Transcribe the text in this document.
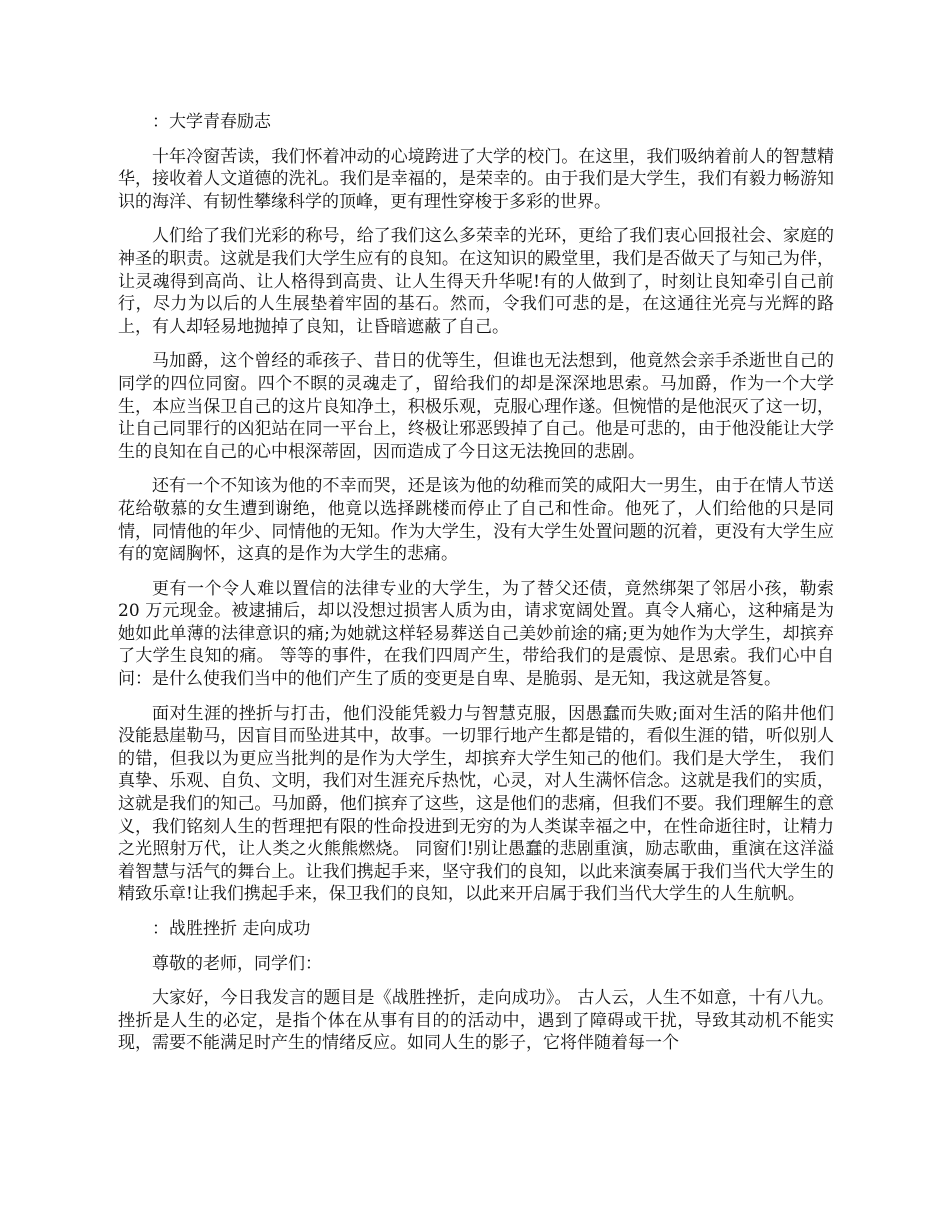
：大学青春励志

十年冷窗苦读，我们怀着冲动的心境跨进了大学的校门。在这里，我们吸纳着前人的智慧精华，接收着人文道德的洗礼。我们是幸福的，是荣幸的。由于我们是大学生，我们有毅力畅游知识的海洋、有韧性攀缘科学的顶峰，更有理性穿梭于多彩的世界。

人们给了我们光彩的称号，给了我们这么多荣幸的光环，更给了我们衷心回报社会、家庭的神圣的职责。这就是我们大学生应有的良知。在这知识的殿堂里，我们是否做天了与知己为伴，让灵魂得到高尚、让人格得到高贵、让人生得天升华呢!有的人做到了，时刻让良知牵引自己前行，尽力为以后的人生展垫着牢固的基石。然而，令我们可悲的是，在这通往光亮与光辉的路上，有人却轻易地抛掉了良知，让昏暗遮蔽了自己。

马加爵，这个曾经的乖孩子、昔日的优等生，但谁也无法想到，他竟然会亲手杀逝世自己的同学的四位同窗。四个不瞑的灵魂走了，留给我们的却是深深地思索。马加爵，作为一个大学生，本应当保卫自己的这片良知净土，积极乐观，克服心理作遂。但惋惜的是他泯灭了这一切，让自己同罪行的凶犯站在同一平台上，终极让邪恶毁掉了自己。他是可悲的，由于他没能让大学生的良知在自己的心中根深蒂固，因而造成了今日这无法挽回的悲剧。

还有一个不知该为他的不幸而哭，还是该为他的幼稚而笑的咸阳大一男生，由于在情人节送花给敬慕的女生遭到谢绝，他竟以选择跳楼而停止了自己和性命。他死了，人们给他的只是同情，同情他的年少、同情他的无知。作为大学生，没有大学生处置问题的沉着，更没有大学生应有的宽阔胸怀，这真的是作为大学生的悲痛。

更有一个令人难以置信的法律专业的大学生，为了替父还债，竟然绑架了邻居小孩，勒索 20 万元现金。被逮捕后，却以没想过损害人质为由，请求宽阔处置。真令人痛心，这种痛是为她如此单薄的法律意识的痛;为她就这样轻易葬送自己美妙前途的痛;更为她作为大学生，却摈弃了大学生良知的痛。 等等的事件，在我们四周产生，带给我们的是震惊、是思索。我们心中自问：是什么使我们当中的他们产生了质的变更是自卑、是脆弱、是无知，我这就是答复。

面对生涯的挫折与打击，他们没能凭毅力与智慧克服，因愚蠢而失败;面对生活的陷井他们没能悬崖勒马，因盲目而坠进其中，故事。一切罪行地产生都是错的，看似生涯的错，听似别人的错，但我以为更应当批判的是作为大学生，却摈弃大学生知己的他们。我们是大学生， 我们真挚、乐观、自负、文明，我们对生涯充斥热忱，心灵，对人生满怀信念。这就是我们的实质，这就是我们的知己。马加爵，他们摈弃了这些，这是他们的悲痛，但我们不要。我们理解生的意义，我们铭刻人生的哲理把有限的性命投进到无穷的为人类谋幸福之中，在性命逝往时，让精力之光照射万代，让人类之火熊熊燃烧。 同窗们!别让愚蠢的悲剧重演，励志歌曲，重演在这洋溢着智慧与活气的舞台上。让我们携起手来，坚守我们的良知，以此来演奏属于我们当代大学生的精致乐章!让我们携起手来，保卫我们的良知，以此来开启属于我们当代大学生的人生航帆。

：战胜挫折 走向成功

尊敬的老师，同学们：

大家好，今日我发言的题目是《战胜挫折，走向成功》。 古人云，人生不如意，十有八九。挫折是人生的必定，是指个体在从事有目的的活动中，遇到了障碍或干扰，导致其动机不能实现，需要不能满足时产生的情绪反应。如同人生的影子，它将伴随着每一个
